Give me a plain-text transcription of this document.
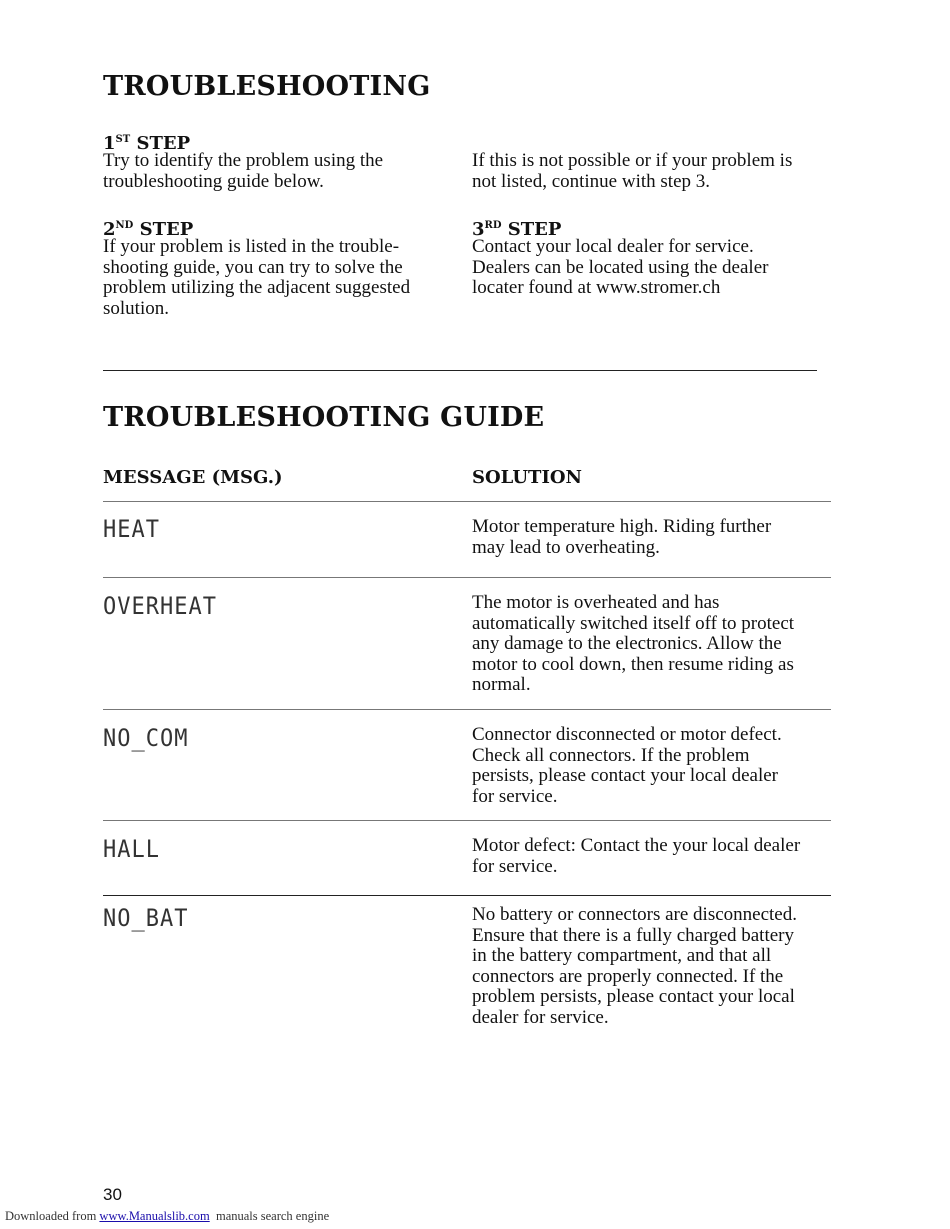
TROUBLESHOOTING
1ST STEP
Try to identify the problem using the
troubleshooting guide below.
If this is not possible or if your problem is
not listed, continue with step 3.
2ND STEP
If your problem is listed in the trouble-
shooting guide, you can try to solve the
problem utilizing the adjacent suggested
solution.
3RD STEP
Contact your local dealer for service.
Dealers can be located using the dealer
locater found at www.stromer.ch
TROUBLESHOOTING GUIDE
MESSAGE (MSG.)	SOLUTION
HEAT	Motor temperature high. Riding further
may lead to overheating.
OVERHEAT	The motor is overheated and has
automatically switched itself off to protect
any damage to the electronics. Allow the
motor to cool down, then resume riding as
normal.
NO_COM	Connector disconnected or motor defect.
Check all connectors. If the problem
persists, please contact your local dealer
for service.
HALL	Motor defect: Contact the your local dealer
for service.
NO_BAT	No battery or connectors are disconnected.
Ensure that there is a fully charged battery
in the battery compartment, and that all
connectors are properly connected. If the
problem persists, please contact your local
dealer for service.
30
Downloaded from www.Manualslib.com  manuals search engine
